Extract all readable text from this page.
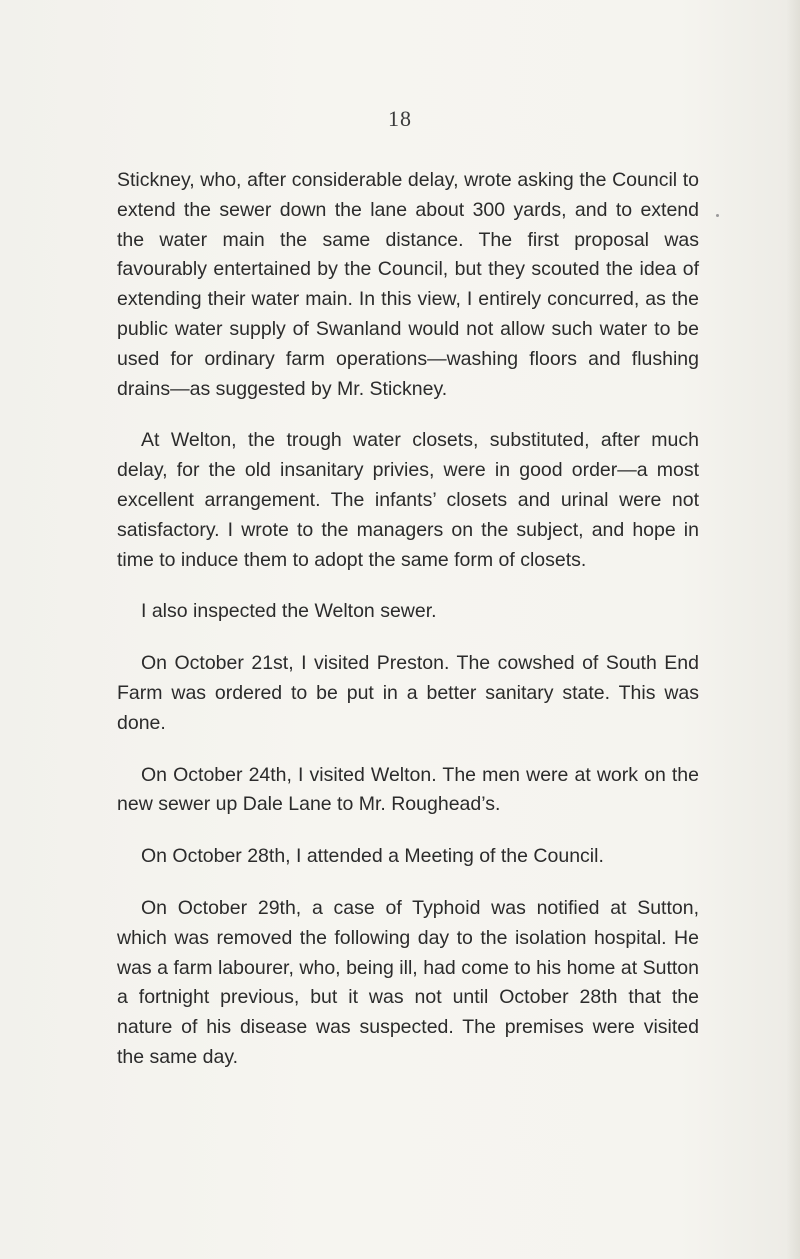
18

Stickney, who, after considerable delay, wrote asking the Council to extend the sewer down the lane about 300 yards, and to extend the water main the same distance. The first proposal was favourably entertained by the Council, but they scouted the idea of extending their water main. In this view, I entirely concurred, as the public water supply of Swanland would not allow such water to be used for ordinary farm operations—washing floors and flushing drains—as suggested by Mr. Stickney.

At Welton, the trough water closets, substituted, after much delay, for the old insanitary privies, were in good order—a most excellent arrangement. The infants’ closets and urinal were not satisfactory. I wrote to the managers on the subject, and hope in time to induce them to adopt the same form of closets.

I also inspected the Welton sewer.

On October 21st, I visited Preston. The cowshed of South End Farm was ordered to be put in a better sanitary state. This was done.

On October 24th, I visited Welton. The men were at work on the new sewer up Dale Lane to Mr. Roughead’s.

On October 28th, I attended a Meeting of the Council.

On October 29th, a case of Typhoid was notified at Sutton, which was removed the following day to the isolation hospital. He was a farm labourer, who, being ill, had come to his home at Sutton a fortnight previous, but it was not until October 28th that the nature of his disease was suspected. The premises were visited the same day.
